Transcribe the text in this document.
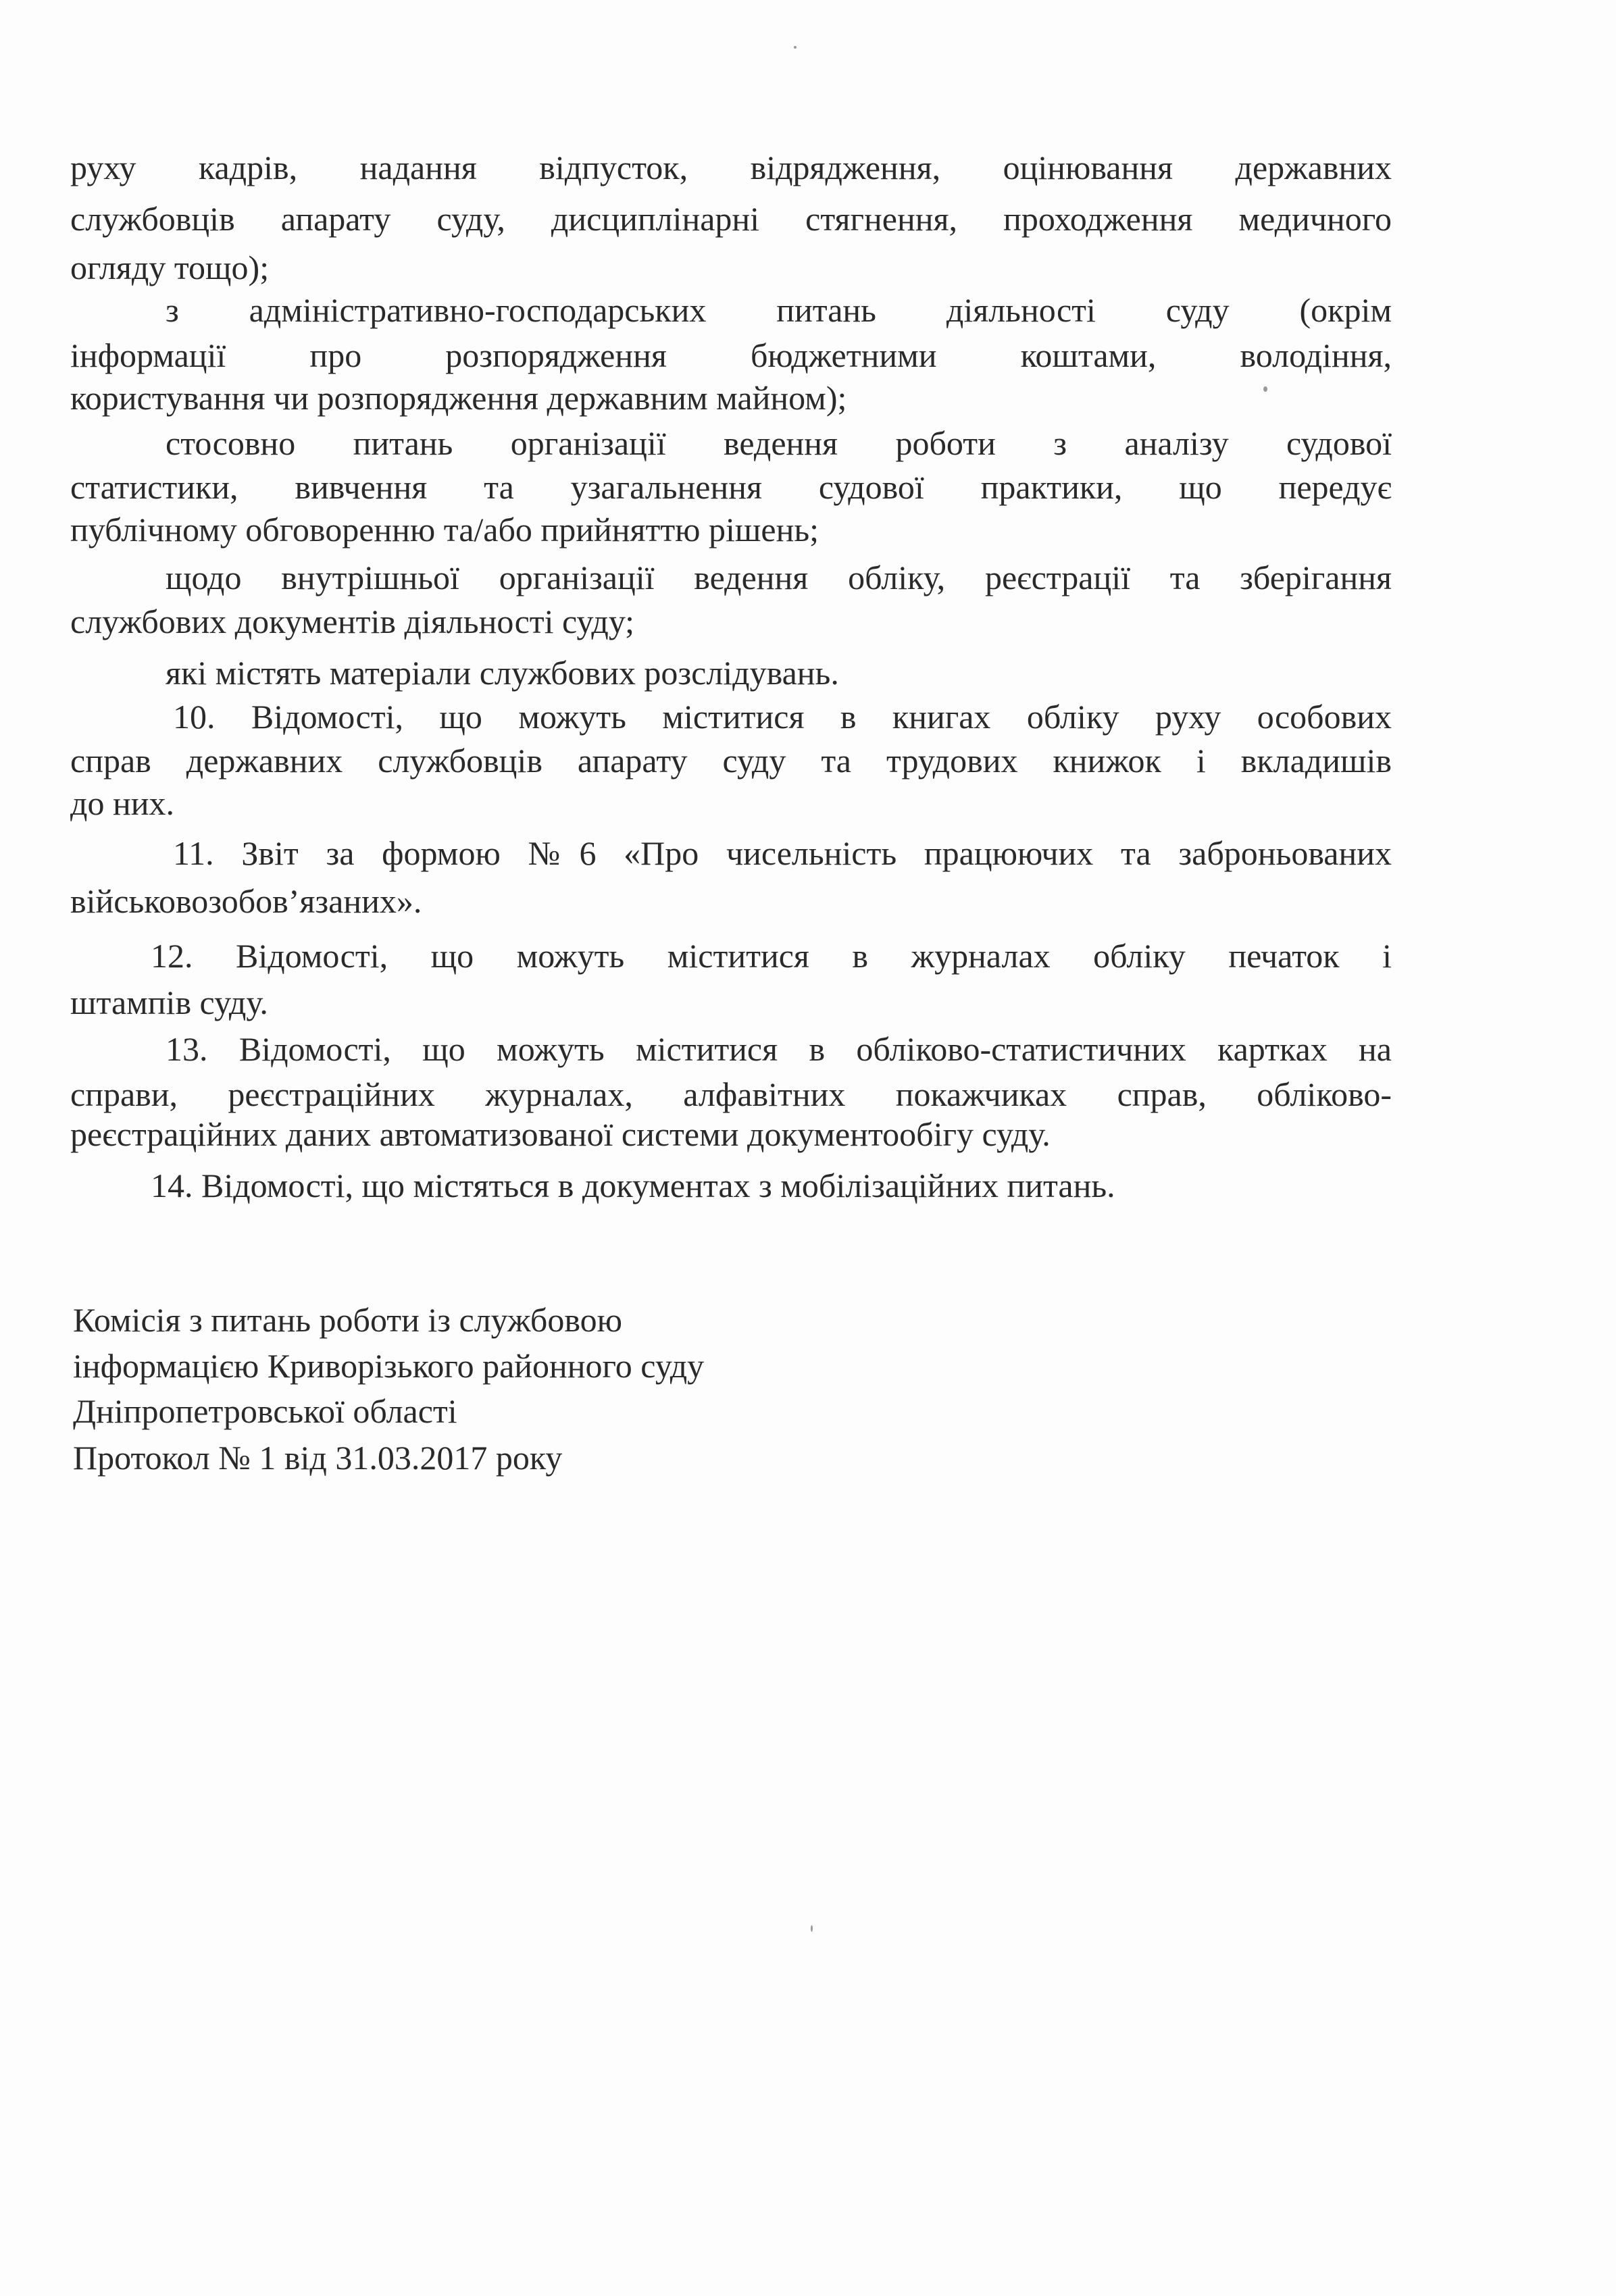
руху кадрів, надання відпусток, відрядження, оцінювання державних
службовців апарату суду, дисциплінарні стягнення, проходження медичного
огляду тощо);
з адміністративно-господарських питань діяльності суду (окрім
інформації про розпорядження бюджетними коштами, володіння,
користування чи розпорядження державним майном);
стосовно питань організації ведення роботи з аналізу судової
статистики, вивчення та узагальнення судової практики, що передує
публічному обговоренню та/або прийняттю рішень;
щодо внутрішньої організації ведення обліку, реєстрації та зберігання
службових документів діяльності суду;
які містять матеріали службових розслідувань.
10. Відомості, що можуть міститися в книгах обліку руху особових
справ державних службовців апарату суду та трудових книжок і вкладишів
до них.
11. Звіт за формою №6 «Про чисельність працюючих та заброньованих
військовозобов’язаних».
12. Відомості, що можуть міститися в журналах обліку печаток і
штампів суду.
13. Відомості, що можуть міститися в обліково-статистичних картках на
справи, реєстраційних журналах, алфавітних покажчиках справ, обліково-
реєстраційних даних автоматизованої системи документообігу суду.
14. Відомості, що містяться в документах з мобілізаційних питань.
Комісія з питань роботи із службовою
інформацією Криворізького районного суду
Дніпропетровської області
Протокол № 1 від 31.03.2017 року
